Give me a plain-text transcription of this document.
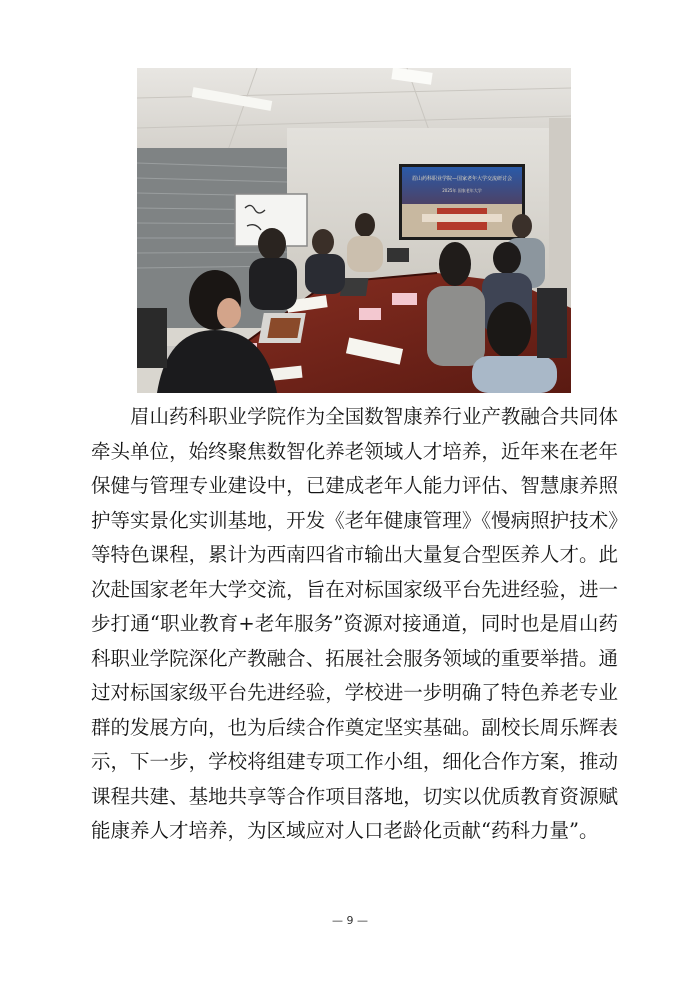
眉山药科职业学院—国家老年大学交流研讨会
2025年 国家老年大学

眉山药科职业学院作为全国数智康养行业产教融合共同体牵头单位，始终聚焦数智化养老领域人才培养，近年来在老年保健与管理专业建设中，已建成老年人能力评估、智慧康养照护等实景化实训基地，开发《老年健康管理》《慢病照护技术》等特色课程，累计为西南四省市输出大量复合型医养人才。此次赴国家老年大学交流，旨在对标国家级平台先进经验，进一步打通“职业教育+老年服务”资源对接通道，同时也是眉山药科职业学院深化产教融合、拓展社会服务领域的重要举措。通过对标国家级平台先进经验，学校进一步明确了特色养老专业群的发展方向，也为后续合作奠定坚实基础。副校长周乐辉表示，下一步，学校将组建专项工作小组，细化合作方案，推动课程共建、基地共享等合作项目落地，切实以优质教育资源赋能康养人才培养，为区域应对人口老龄化贡献“药科力量”。

— 9 —
